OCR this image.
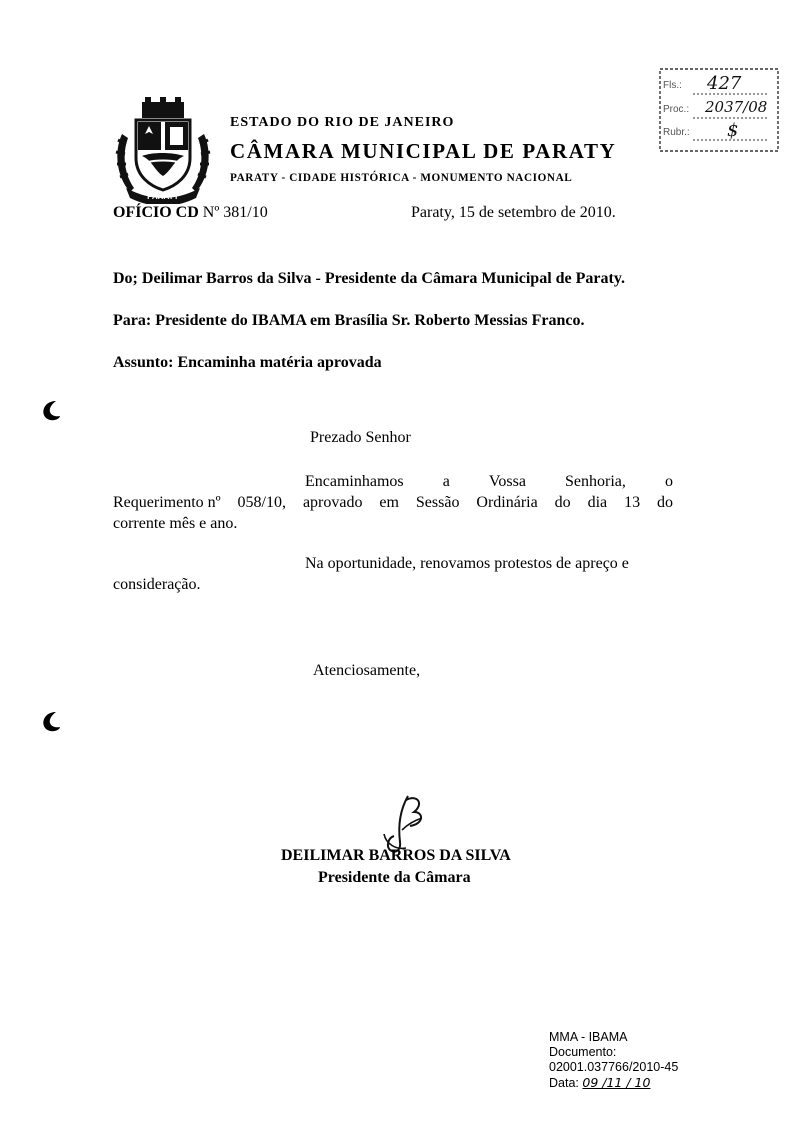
PARATY
ESTADO DO RIO DE JANEIRO
CÂMARA MUNICIPAL DE PARATY
PARATY - CIDADE HISTÓRICA - MONUMENTO NACIONAL
Fls.: 427
Proc.: 2037/08
Rubr.: $
OFÍCIO CD Nº 381/10	Paraty, 15 de setembro de 2010.
Do; Deilimar Barros da Silva - Presidente da Câmara Municipal de Paraty.
Para: Presidente do IBAMA em Brasília Sr. Roberto Messias Franco.
Assunto: Encaminha matéria aprovada
Prezado Senhor
Encaminhamos a Vossa Senhoria, o
Requerimento nº 058/10, aprovado em Sessão Ordinária do dia 13 do
corrente mês e ano.
Na oportunidade, renovamos protestos de apreço e
consideração.
Atenciosamente,
DEILIMAR BARROS DA SILVA
Presidente da Câmara
MMA - IBAMA
Documento:
02001.037766/2010-45
Data: 09 /11 / 10
